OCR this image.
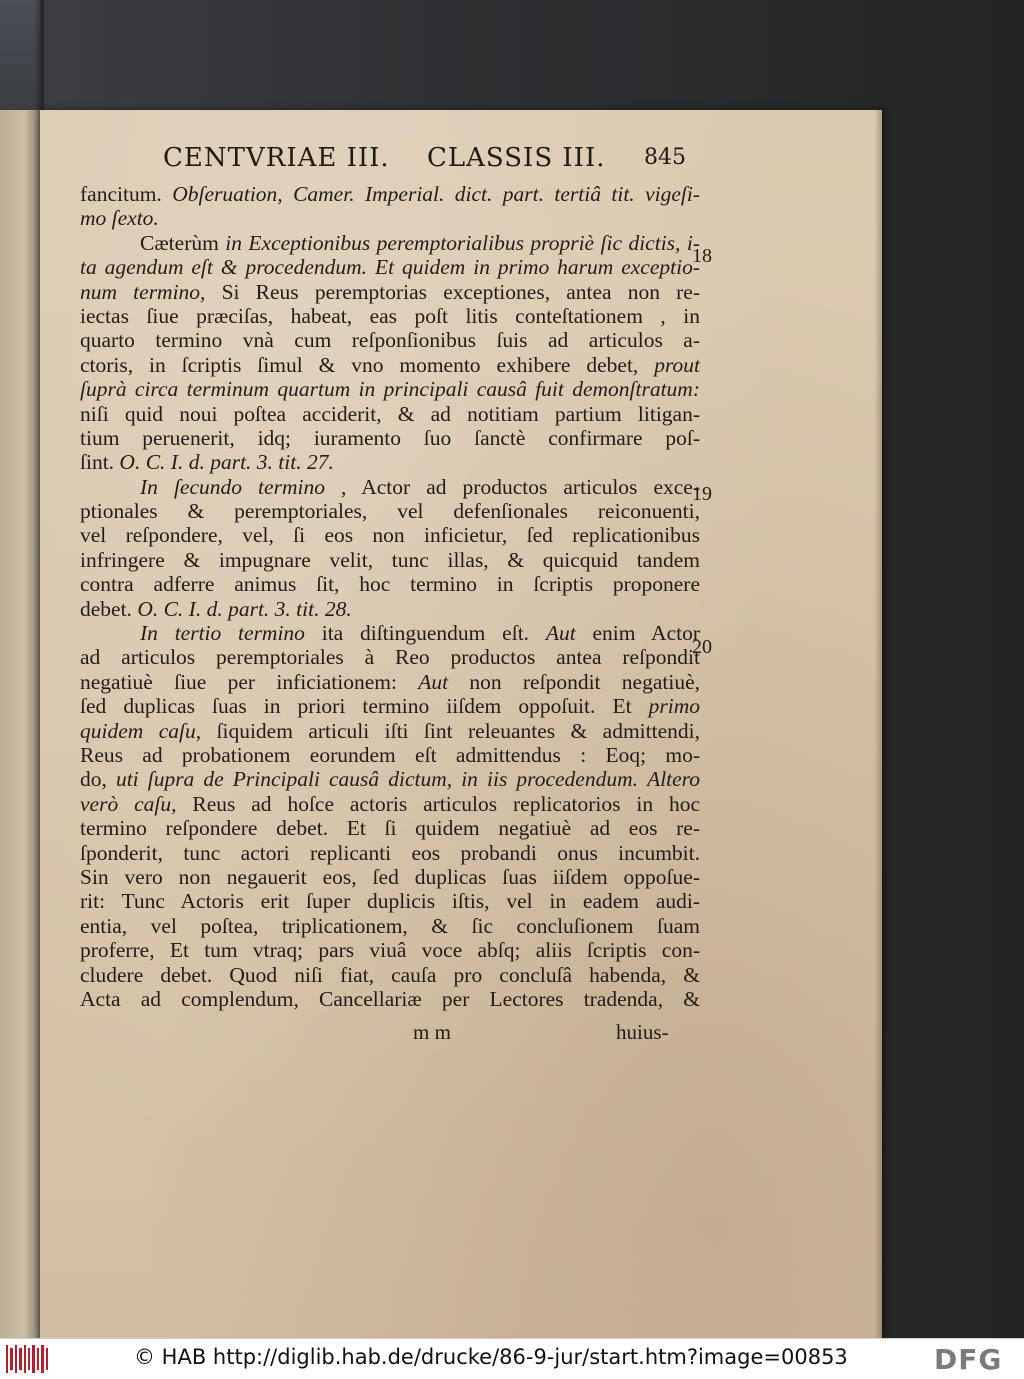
CENTVRIAE III. CLASSIS III.	845
fancitum. Obſeruation, Camer. Imperial. dict. part. tertiâ tit. vigeſi-
mo ſexto.
Cæterùm in Exceptionibus peremptorialibus propriè ſic dictis, i-
ta agendum eſt & procedendum. Et quidem in primo harum exceptio-
num termino, Si Reus peremptorias exceptiones, antea non re-
iectas ſiue præciſas, habeat, eas poſt litis conteſtationem , in
quarto termino vnà cum reſponſionibus ſuis ad articulos a-
ctoris, in ſcriptis ſimul & vno momento exhibere debet, prout
ſuprà circa terminum quartum in principali causâ fuit demonſtratum:
niſi quid noui poſtea acciderit, & ad notitiam partium litigan-
tium peruenerit, idq; iuramento ſuo ſanctè confirmare poſ-
ſint. O. C. I. d. part. 3. tit. 27.
In ſecundo termino , Actor ad productos articulos exce-
ptionales & peremptoriales, vel defenſionales reiconuenti,
vel reſpondere, vel, ſi eos non inficietur, ſed replicationibus
infringere & impugnare velit, tunc illas, & quicquid tandem
contra adferre animus ſit, hoc termino in ſcriptis proponere
debet. O. C. I. d. part. 3. tit. 28.
In tertio termino ita diſtinguendum eſt. Aut enim Actor
ad articulos peremptoriales à Reo productos antea reſpondit
negatiuè ſiue per inficiationem: Aut non reſpondit negatiuè,
ſed duplicas ſuas in priori termino iiſdem oppoſuit. Et primo
quidem caſu, ſiquidem articuli iſti ſint releuantes & admittendi,
Reus ad probationem eorundem eſt admittendus : Eoq; mo-
do, uti ſupra de Principali causâ dictum, in iis procedendum. Altero
verò caſu, Reus ad hoſce actoris articulos replicatorios in hoc
termino reſpondere debet. Et ſi quidem negatiuè ad eos re-
ſponderit, tunc actori replicanti eos probandi onus incumbit.
Sin vero non negauerit eos, ſed duplicas ſuas iiſdem oppoſue-
rit: Tunc Actoris erit ſuper duplicis iſtis, vel in eadem audi-
entia, vel poſtea, triplicationem, & ſic concluſionem ſuam
proferre, Et tum vtraq; pars viuâ voce abſq; aliis ſcriptis con-
cludere debet. Quod niſi fiat, cauſa pro concluſâ habenda, &
Acta ad complendum, Cancellariæ per Lectores tradenda, &
18
19
20
m m	huius-
© HAB http://diglib.hab.de/drucke/86-9-jur/start.htm?image=00853	DFG
